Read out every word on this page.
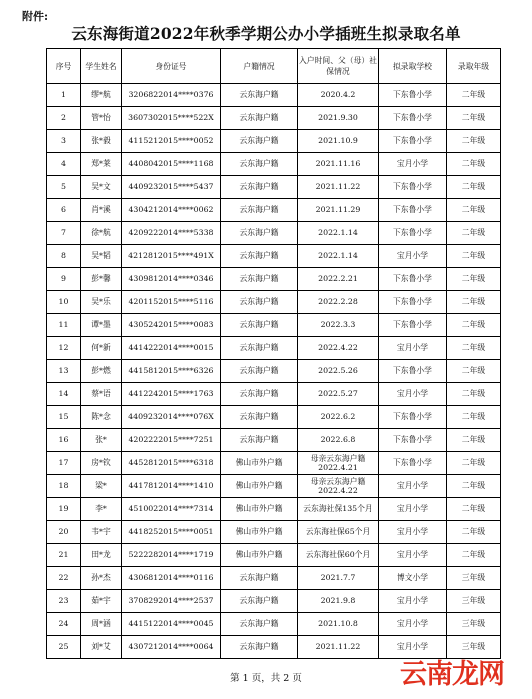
附件:
云东海街道2022年秋季学期公办小学插班生拟录取名单
序号	学生姓名	身份证号	户籍情况	入户时间、父（母）社保情况	拟录取学校	录取年级
1	缪*航	3206822014****0376	云东海户籍	2020.4.2	下东鲁小学	二年级
2	管*怡	3607302015****522X	云东海户籍	2021.9.30	下东鲁小学	二年级
3	张*毅	4115212015****0052	云东海户籍	2021.10.9	下东鲁小学	二年级
4	郑*莱	4408042015****1168	云东海户籍	2021.11.16	宝月小学	二年级
5	吴*文	4409232015****5437	云东海户籍	2021.11.22	下东鲁小学	二年级
6	肖*溪	4304212014****0062	云东海户籍	2021.11.29	下东鲁小学	二年级
7	徐*航	4209222014****5338	云东海户籍	2022.1.14	下东鲁小学	二年级
8	吴*韬	4212812015****491X	云东海户籍	2022.1.14	宝月小学	二年级
9	彭*馨	4309812014****0346	云东海户籍	2022.2.21	下东鲁小学	二年级
10	吴*乐	4201152015****5116	云东海户籍	2022.2.28	下东鲁小学	二年级
11	谭*墨	4305242015****0083	云东海户籍	2022.3.3	下东鲁小学	二年级
12	何*新	4414222014****0015	云东海户籍	2022.4.22	宝月小学	二年级
13	彭*燃	4415812015****6326	云东海户籍	2022.5.26	下东鲁小学	二年级
14	蔡*语	4412242015****1763	云东海户籍	2022.5.27	宝月小学	二年级
15	陈*念	4409232014****076X	云东海户籍	2022.6.2	下东鲁小学	二年级
16	张*	4202222015****7251	云东海户籍	2022.6.8	下东鲁小学	二年级
17	房*钦	4452812015****6318	佛山市外户籍	母亲云东海户籍 2022.4.21	下东鲁小学	二年级
18	梁*	4417812014****1410	佛山市外户籍	母亲云东海户籍 2022.4.22	宝月小学	二年级
19	李*	4510022014****7314	佛山市外户籍	云东海社保135个月	宝月小学	二年级
20	韦*宇	4418252015****0051	佛山市外户籍	云东海社保65个月	宝月小学	二年级
21	田*龙	5222282014****1719	佛山市外户籍	云东海社保60个月	宝月小学	二年级
22	孙*杰	4306812014****0116	云东海户籍	2021.7.7	博文小学	三年级
23	茹*宇	3708292014****2537	云东海户籍	2021.9.8	宝月小学	三年级
24	周*涵	4415122014****0045	云东海户籍	2021.10.8	宝月小学	三年级
25	刘*艾	4307212014****0064	云东海户籍	2021.11.22	宝月小学	三年级
第 1 页，共 2 页	云南龙网
